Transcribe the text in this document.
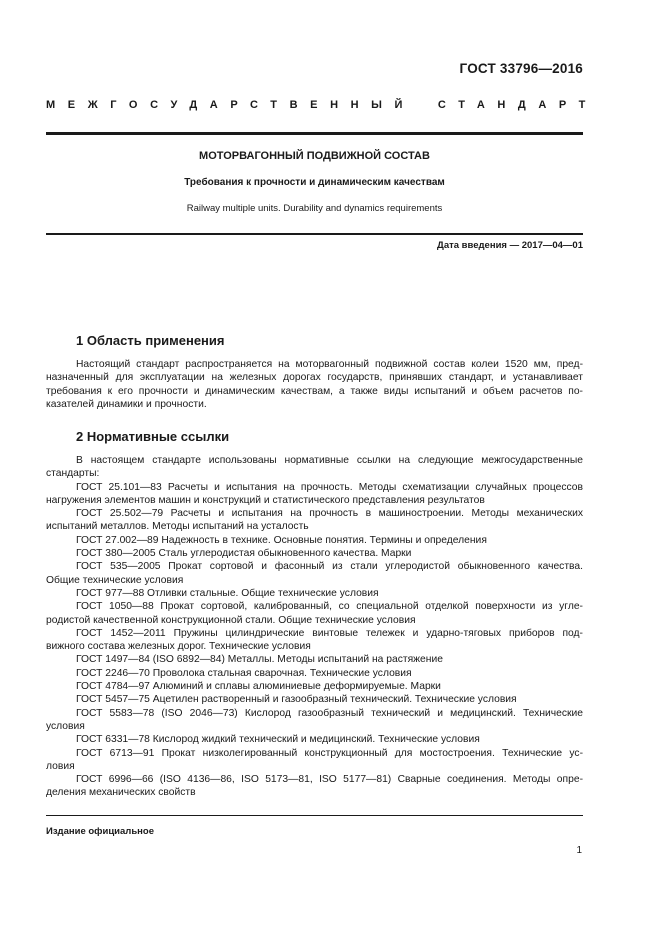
ГОСТ 33796—2016
МЕЖГОСУДАРСТВЕННЫЙ СТАНДАРТ
МОТОРВАГОННЫЙ ПОДВИЖНОЙ СОСТАВ
Требования к прочности и динамическим качествам
Railway multiple units. Durability and dynamics requirements
Дата введения — 2017—04—01
1 Область применения
Настоящий стандарт распространяется на моторвагонный подвижной состав колеи 1520 мм, пред-
назначенный для эксплуатации на железных дорогах государств, принявших стандарт, и устанавливает
требования к его прочности и динамическим качествам, а также виды испытаний и объем расчетов по-
казателей динамики и прочности.
2 Нормативные ссылки
В настоящем стандарте использованы нормативные ссылки на следующие межгосударственные
стандарты:
ГОСТ 25.101—83 Расчеты и испытания на прочность. Методы схематизации случайных процессов
нагружения элементов машин и конструкций и статистического представления результатов
ГОСТ 25.502—79 Расчеты и испытания на прочность в машиностроении. Методы механических
испытаний металлов. Методы испытаний на усталость
ГОСТ 27.002—89 Надежность в технике. Основные понятия. Термины и определения
ГОСТ 380—2005 Сталь углеродистая обыкновенного качества. Марки
ГОСТ 535—2005 Прокат сортовой и фасонный из стали углеродистой обыкновенного качества.
Общие технические условия
ГОСТ 977—88 Отливки стальные. Общие технические условия
ГОСТ 1050—88 Прокат сортовой, калиброванный, со специальной отделкой поверхности из угле-
родистой качественной конструкционной стали. Общие технические условия
ГОСТ 1452—2011 Пружины цилиндрические винтовые тележек и ударно-тяговых приборов под-
вижного состава железных дорог. Технические условия
ГОСТ 1497—84 (ISO 6892—84) Металлы. Методы испытаний на растяжение
ГОСТ 2246—70 Проволока стальная сварочная. Технические условия
ГОСТ 4784—97 Алюминий и сплавы алюминиевые деформируемые. Марки
ГОСТ 5457—75 Ацетилен растворенный и газообразный технический. Технические условия
ГОСТ 5583—78 (ISO 2046—73) Кислород газообразный технический и медицинский. Технические
условия
ГОСТ 6331—78 Кислород жидкий технический и медицинский. Технические условия
ГОСТ 6713—91 Прокат низколегированный конструкционный для мостостроения. Технические ус-
ловия
ГОСТ 6996—66 (ISO 4136—86, ISO 5173—81, ISO 5177—81) Сварные соединения. Методы опре-
деления механических свойств
Издание официальное
1
